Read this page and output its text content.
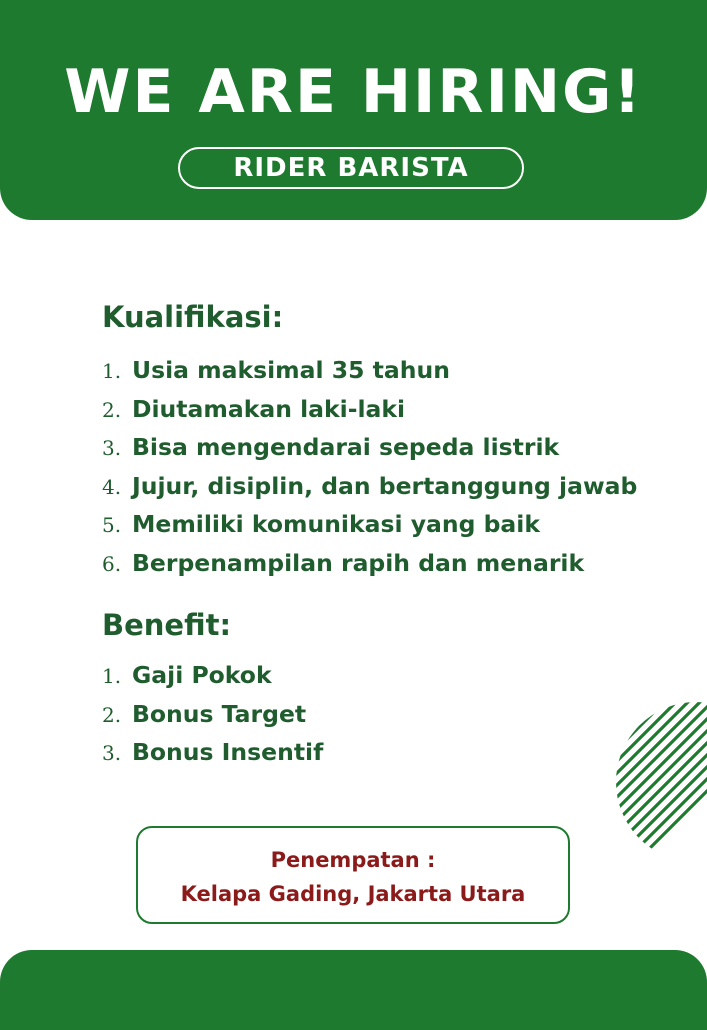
WE ARE HIRING!
RIDER BARISTA
Kualifikasi:
1. Usia maksimal 35 tahun
2. Diutamakan laki-laki
3. Bisa mengendarai sepeda listrik
4. Jujur, disiplin, dan bertanggung jawab
5. Memiliki komunikasi yang baik
6. Berpenampilan rapih dan menarik
Benefit:
1. Gaji Pokok
2. Bonus Target
3. Bonus Insentif
Penempatan :
Kelapa Gading, Jakarta Utara
